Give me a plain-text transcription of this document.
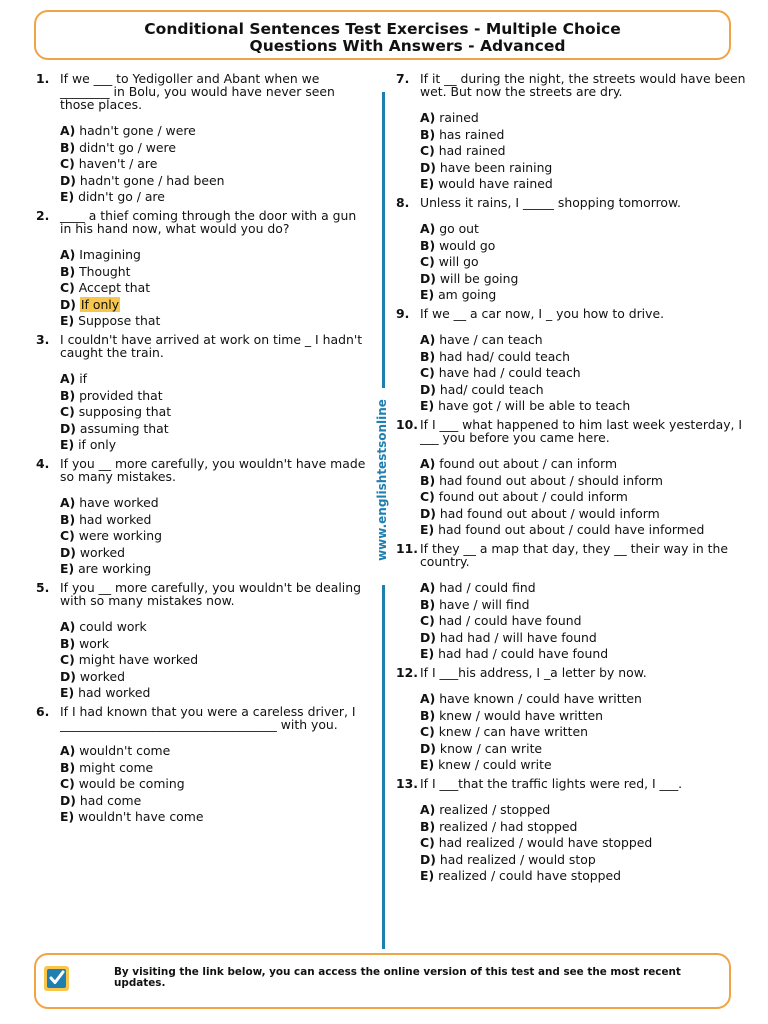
Conditional Sentences Test Exercises - Multiple Choice
Questions With Answers - Advanced
1. If we ___ to Yedigoller and Abant when we ________ in Bolu, you would have never seen those places.
A) hadn't gone / were
B) didn't go / were
C) haven't / are
D) hadn't gone / had been
E) didn't go / are
2. ____ a thief coming through the door with a gun in his hand now, what would you do?
A) Imagining
B) Thought
C) Accept that
D) If only
E) Suppose that
3. I couldn't have arrived at work on time _ I hadn't caught the train.
A) if
B) provided that
C) supposing that
D) assuming that
E) if only
4. If you __ more carefully, you wouldn't have made so many mistakes.
A) have worked
B) had worked
C) were working
D) worked
E) are working
5. If you __ more carefully, you wouldn't be dealing with so many mistakes now.
A) could work
B) work
C) might have worked
D) worked
E) had worked
6. If I had known that you were a careless driver, I ___________________________________ with you.
A) wouldn't come
B) might come
C) would be coming
D) had come
E) wouldn't have come
www.englishtestsonline
7. If it __ during the night, the streets would have been wet. But now the streets are dry.
A) rained
B) has rained
C) had rained
D) have been raining
E) would have rained
8. Unless it rains, I _____ shopping tomorrow.
A) go out
B) would go
C) will go
D) will be going
E) am going
9. If we __ a car now, I _ you how to drive.
A) have / can teach
B) had had/ could teach
C) have had / could teach
D) had/ could teach
E) have got / will be able to teach
10. If I ___ what happened to him last week yesterday, I ___ you before you came here.
A) found out about / can inform
B) had found out about / should inform
C) found out about / could inform
D) had found out about / would inform
E) had found out about / could have informed
11. If they __ a map that day, they __ their way in the country.
A) had / could find
B) have / will find
C) had / could have found
D) had had / will have found
E) had had / could have found
12. If I ___his address, I _a letter by now.
A) have known / could have written
B) knew / would have written
C) knew / can have written
D) know / can write
E) knew / could write
13. If I ___that the traffic lights were red, I ___.
A) realized / stopped
B) realized / had stopped
C) had realized / would have stopped
D) had realized / would stop
E) realized / could have stopped
By visiting the link below, you can access the online version of this test and see the most recent updates.
